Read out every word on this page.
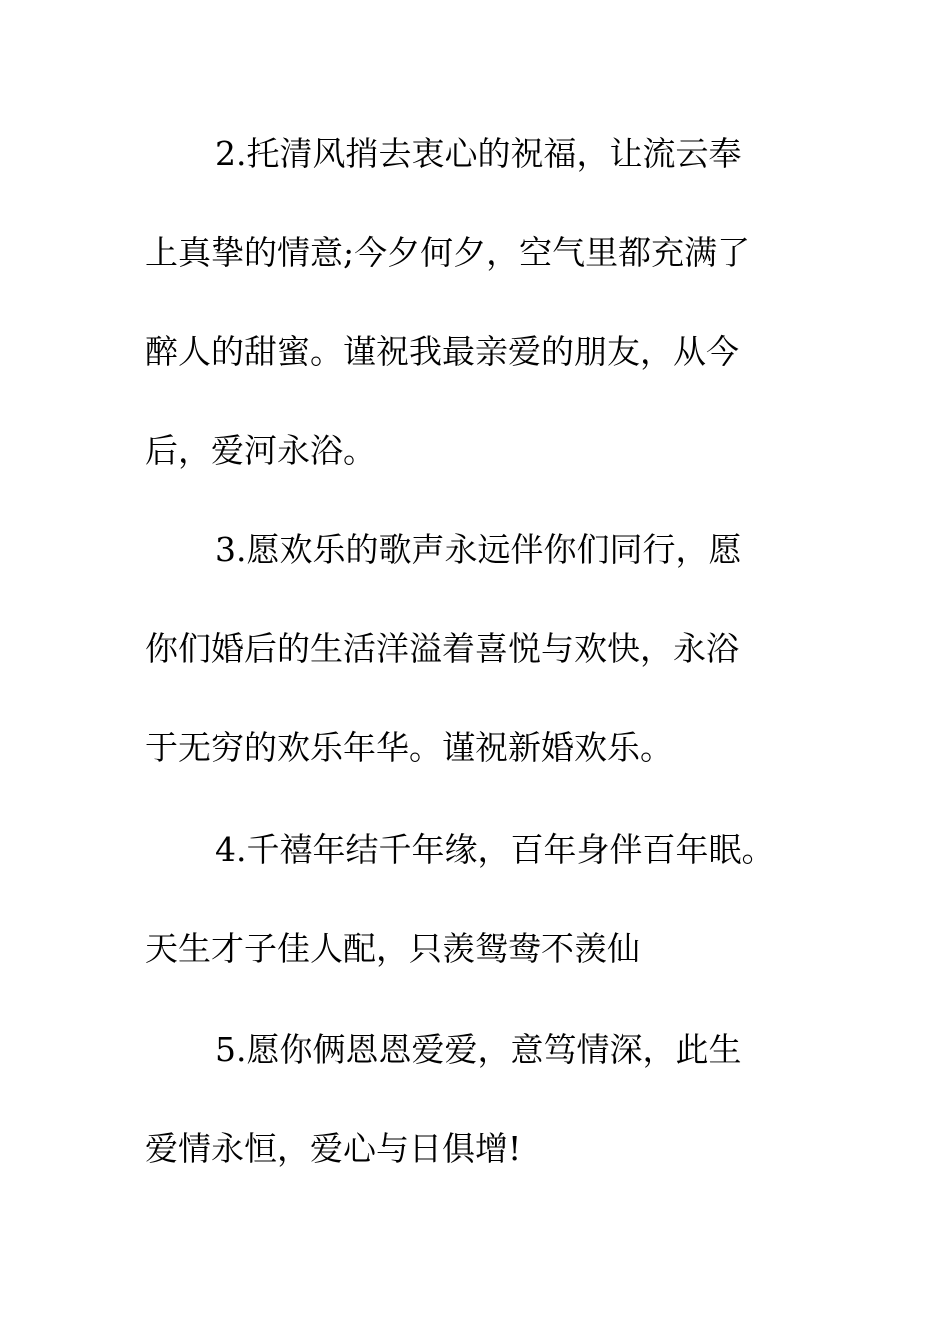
2.托清风捎去衷心的祝福，让流云奉

上真挚的情意;今夕何夕，空气里都充满了

醉人的甜蜜。谨祝我最亲爱的朋友，从今

后，爱河永浴。

3.愿欢乐的歌声永远伴你们同行，愿

你们婚后的生活洋溢着喜悦与欢快，永浴

于无穷的欢乐年华。谨祝新婚欢乐。

4.千禧年结千年缘，百年身伴百年眠。

天生才子佳人配，只羡鸳鸯不羡仙

5.愿你俩恩恩爱爱，意笃情深，此生

爱情永恒，爱心与日俱增!
